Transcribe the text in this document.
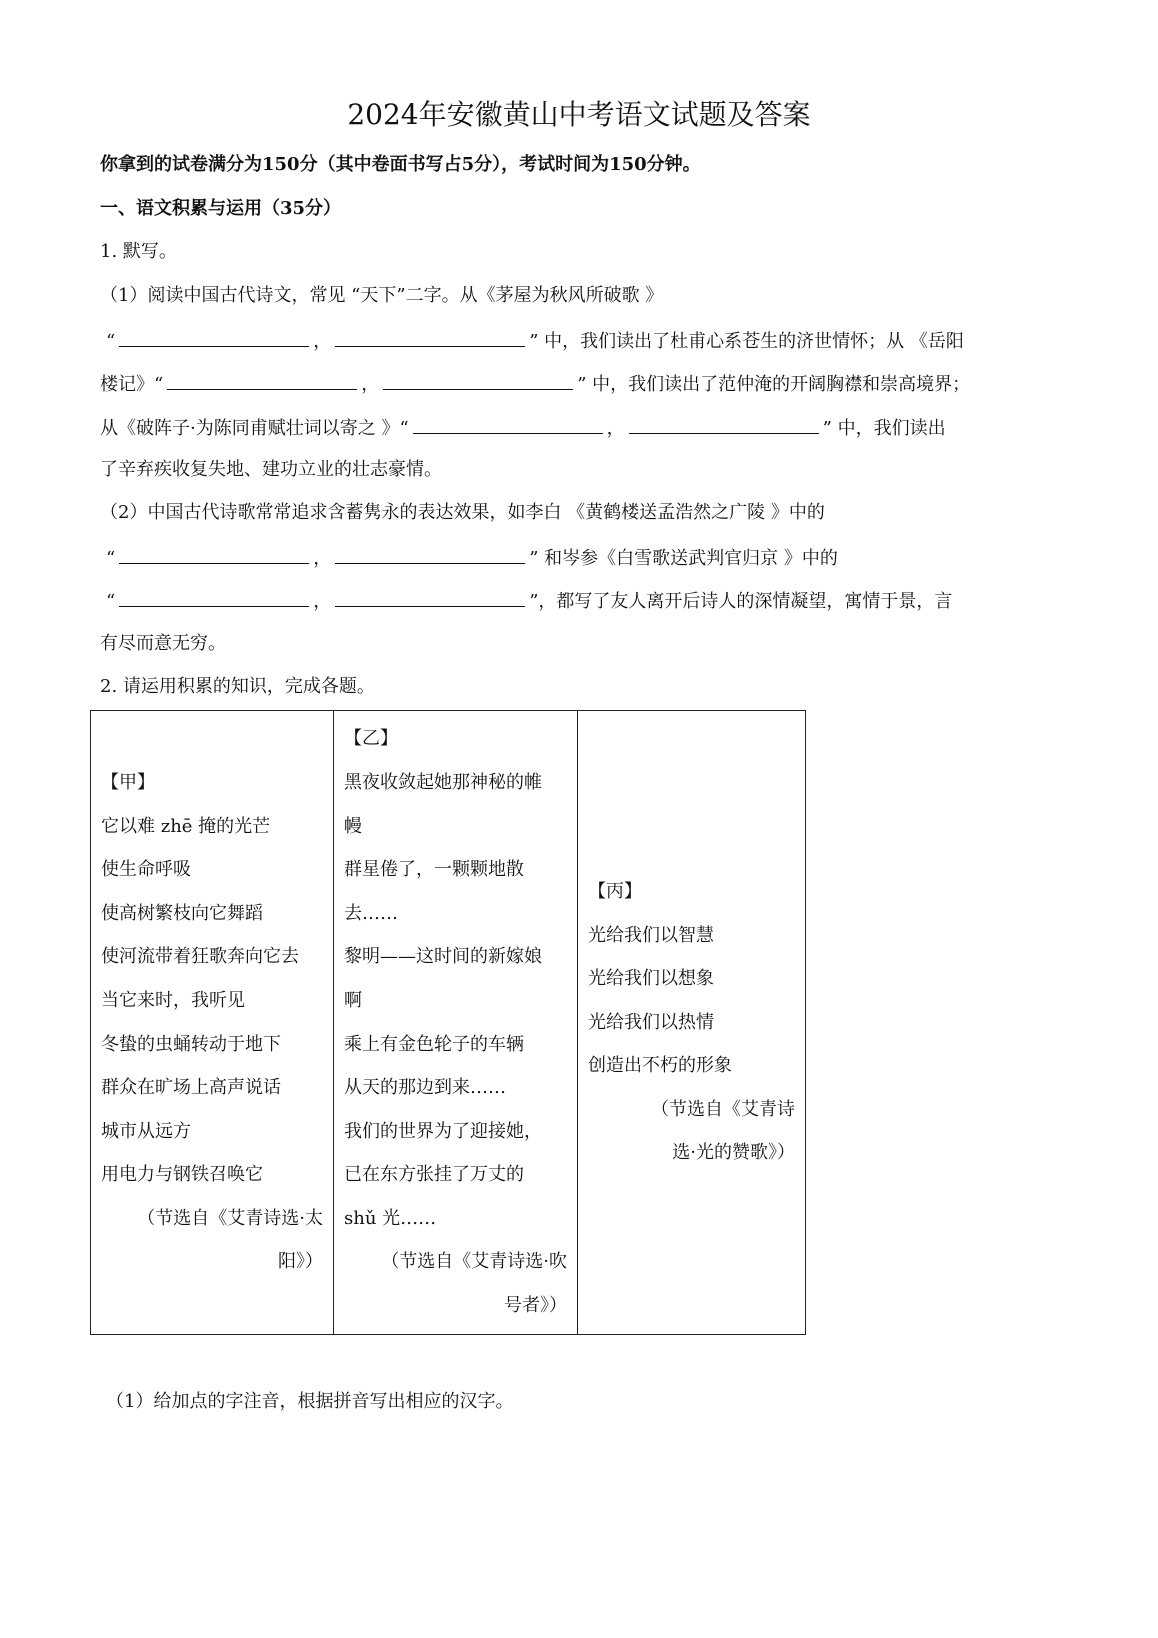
2024年安徽黄山中考语文试题及答案
你拿到的试卷满分为150分（其中卷面书写占5分），考试时间为150分钟。
一、语文积累与运用（35分）
1. 默写。
（1）阅读中国古代诗文，常见 “天下”二字。从《茅屋为秋风所破歌 》
“	，	” 中，我们读出了杜甫心系苍生的济世情怀；从 《岳阳
楼记》“	，	” 中，我们读出了范仲淹的开阔胸襟和崇高境界；
从《破阵子·为陈同甫赋壮词以寄之 》“	，	” 中，我们读出
了辛弃疾收复失地、建功立业的壮志豪情。
（2）中国古代诗歌常常追求含蓄隽永的表达效果，如李白 《黄鹤楼送孟浩然之广陵 》中的
“	，	” 和岑参《白雪歌送武判官归京 》中的
“	，	”，都写了友人离开后诗人的深情凝望，寓情于景，言
有尽而意无穷。
2. 请运用积累的知识，完成各题。
【甲】
它以难 zhē 掩的光芒
使生命呼吸
使高树繁枝向它舞蹈
使河流带着狂歌奔向它去
当它来时，我听见
冬蛰的虫蛹转动于地下
群众在旷场上高声说话
城市从远方
用电力与钢铁召唤它
（节选自《艾青诗选·太
阳》）

【乙】
黑夜收敛起她那神秘的帷
幔
群星倦了，一颗颗地散
去……
黎明——这时间的新嫁娘
啊
乘上有金色轮子的车辆
从天的那边到来……
我们的世界为了迎接她，
已在东方张挂了万丈的
shǔ 光……
（节选自《艾青诗选·吹
号者》）

【丙】
光给我们以智慧
光给我们以想象
光给我们以热情
创造出不朽的形象
（节选自《艾青诗
选·光的赞歌》）
（1）给加点的字注音，根据拼音写出相应的汉字。
